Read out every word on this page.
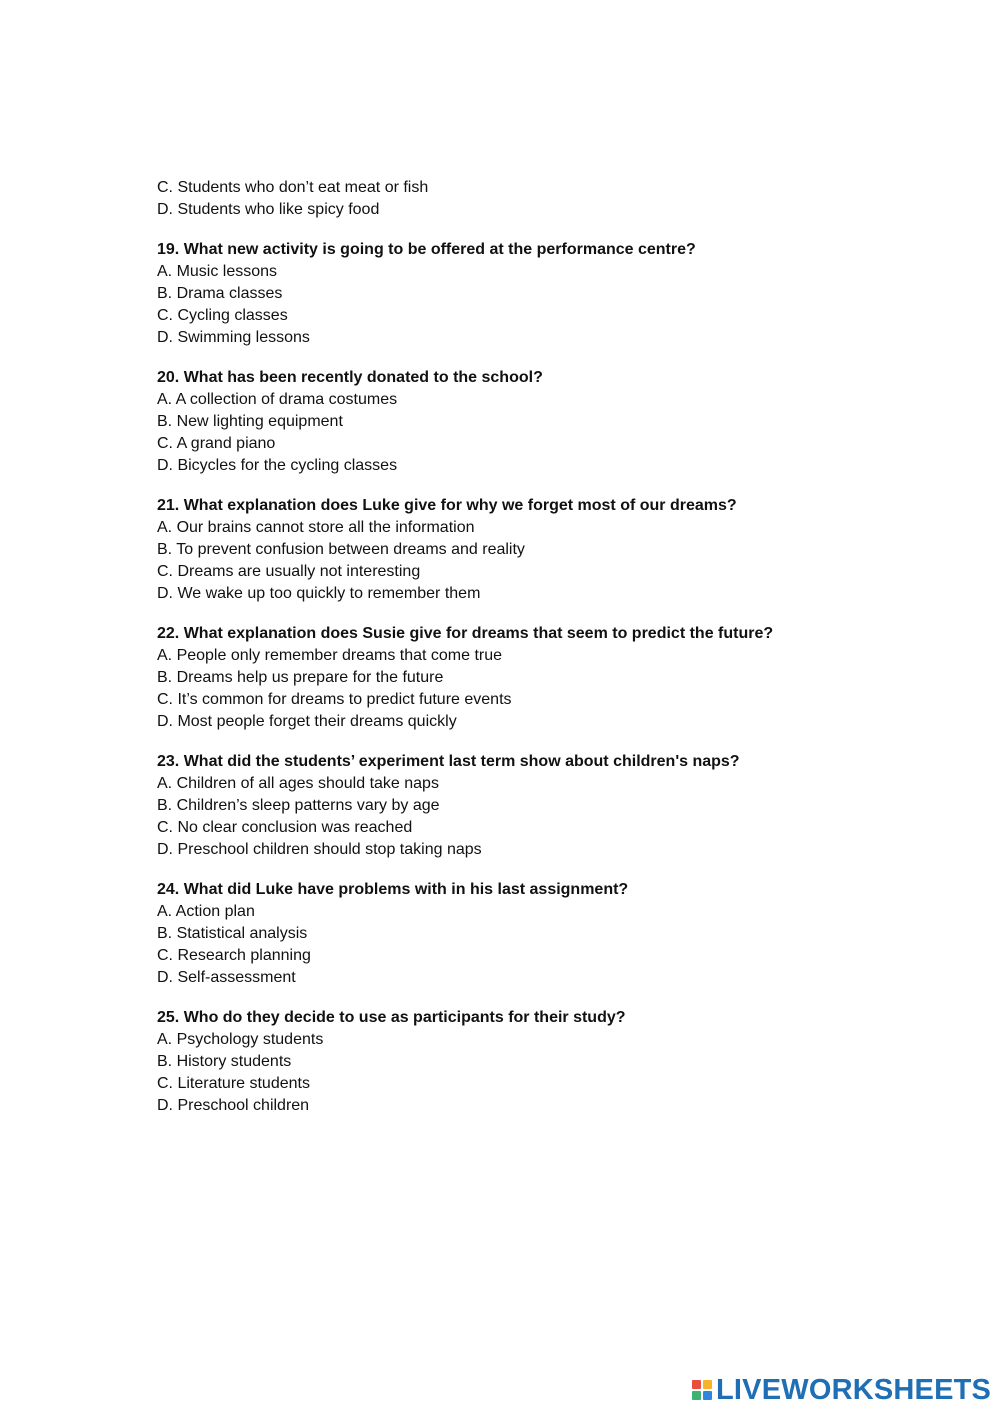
C. Students who don’t eat meat or fish

D. Students who like spicy food

19. What new activity is going to be offered at the performance centre?

A. Music lessons

B. Drama classes

C. Cycling classes

D. Swimming lessons

20. What has been recently donated to the school?

A. A collection of drama costumes

B. New lighting equipment

C. A grand piano

D. Bicycles for the cycling classes

21. What explanation does Luke give for why we forget most of our dreams?

A. Our brains cannot store all the information

B. To prevent confusion between dreams and reality

C. Dreams are usually not interesting

D. We wake up too quickly to remember them

22. What explanation does Susie give for dreams that seem to predict the future?

A. People only remember dreams that come true

B. Dreams help us prepare for the future

C. It’s common for dreams to predict future events

D. Most people forget their dreams quickly

23. What did the students’ experiment last term show about children's naps?

A. Children of all ages should take naps

B. Children’s sleep patterns vary by age

C. No clear conclusion was reached

D. Preschool children should stop taking naps

24. What did Luke have problems with in his last assignment?

A. Action plan

B. Statistical analysis

C. Research planning

D. Self-assessment

25. Who do they decide to use as participants for their study?

A. Psychology students

B. History students

C. Literature students

D. Preschool children

LIVEWORKSHEETS
